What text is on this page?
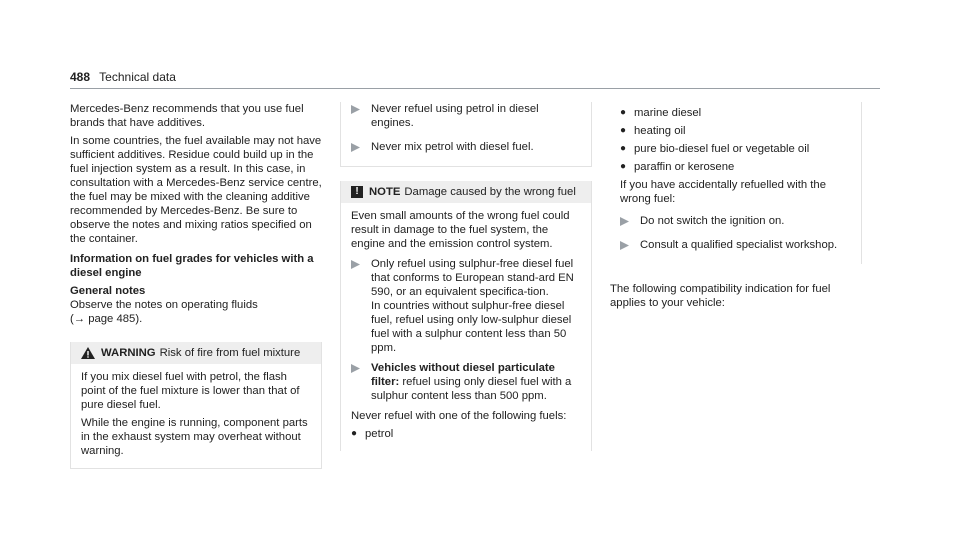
488 Technical data

Mercedes-Benz recommends that you use fuel brands that have additives.

In some countries, the fuel available may not have sufficient additives. Residue could build up in the fuel injection system as a result. In this case, in consultation with a Mercedes-Benz service centre, the fuel may be mixed with the cleaning additive recommended by Mercedes-Benz. Be sure to observe the notes and mixing ratios specified on the container.

Information on fuel grades for vehicles with a diesel engine

General notes

Observe the notes on operating fluids

(→ page 485).

WARNING Risk of fire from fuel mixture

If you mix diesel fuel with petrol, the flash point of the fuel mixture is lower than that of pure diesel fuel.

While the engine is running, component parts in the exhaust system may overheat without warning.

Never refuel using petrol in diesel engines.
Never mix petrol with diesel fuel.
! NOTE Damage caused by the wrong fuel

Even small amounts of the wrong fuel could result in damage to the fuel system, the engine and the emission control system.

Only refuel using sulphur-free diesel fuel that conforms to European stand-ard EN 590, or an equivalent specifica-tion.
In countries without sulphur-free diesel fuel, refuel using only low-sulphur diesel fuel with a sulphur content less than 50 ppm.
Vehicles without diesel particulate filter: refuel using only diesel fuel with a sulphur content less than 500 ppm.

Never refuel with one of the following fuels:

● petrol
● marine diesel
● heating oil
● pure bio-diesel fuel or vegetable oil
● paraffin or kerosene

If you have accidentally refuelled with the wrong fuel:

Do not switch the ignition on.
Consult a qualified specialist workshop.

The following compatibility indication for fuel applies to your vehicle:
